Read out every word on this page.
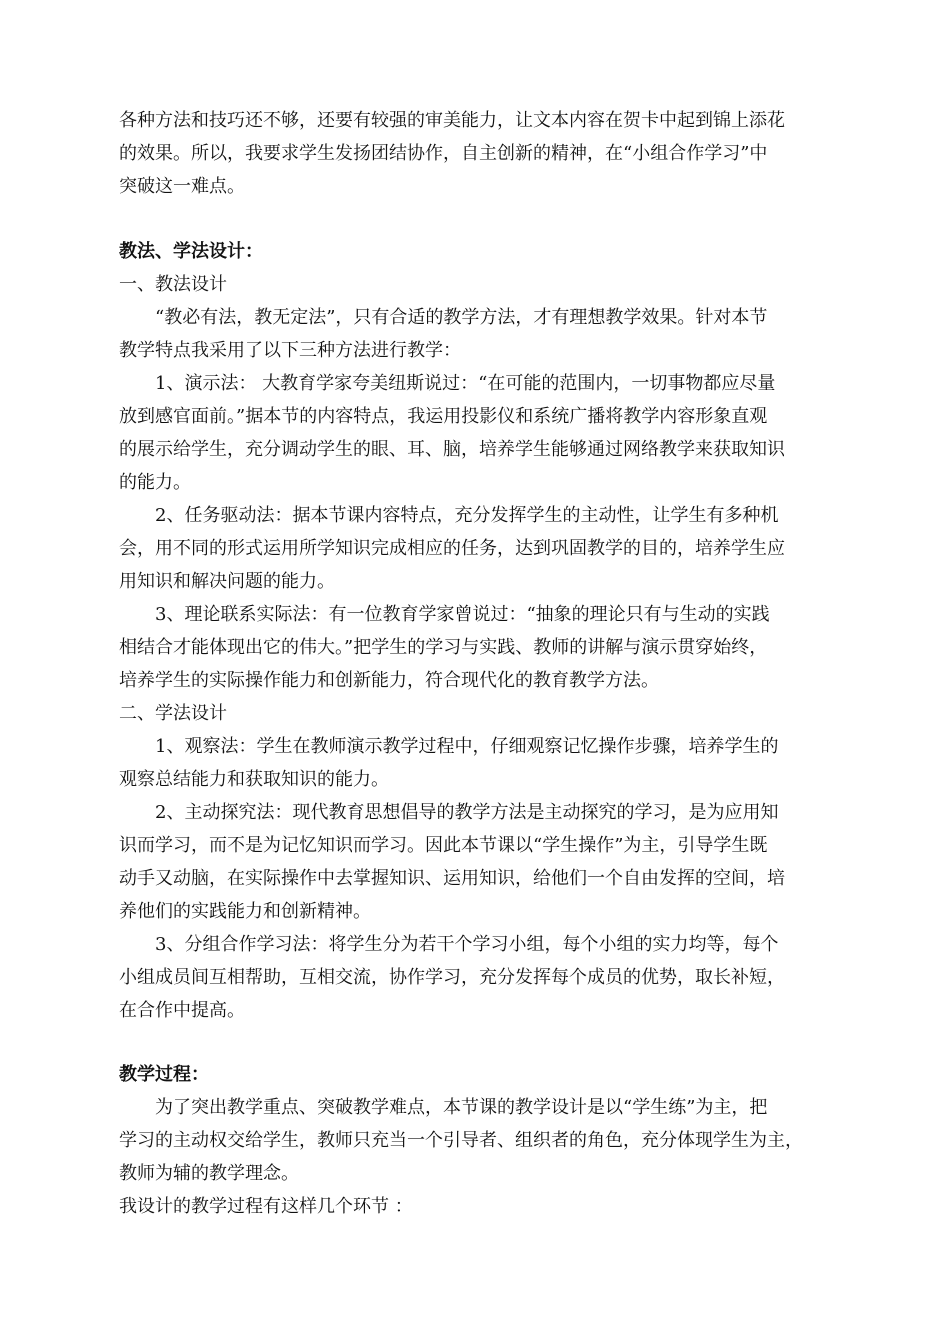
各种方法和技巧还不够，还要有较强的审美能力，让文本内容在贺卡中起到锦上添花
的效果。所以，我要求学生发扬团结协作，自主创新的精神，在“小组合作学习”中
突破这一难点。
教法、学法设计：
一、教法设计
“教必有法，教无定法”，只有合适的教学方法，才有理想教学效果。针对本节
教学特点我采用了以下三种方法进行教学：
1、演示法： 大教育学家夸美纽斯说过：“在可能的范围内，一切事物都应尽量
放到感官面前。”据本节的内容特点，我运用投影仪和系统广播将教学内容形象直观
的展示给学生，充分调动学生的眼、耳、脑，培养学生能够通过网络教学来获取知识
的能力。
2、任务驱动法：据本节课内容特点，充分发挥学生的主动性，让学生有多种机
会，用不同的形式运用所学知识完成相应的任务，达到巩固教学的目的，培养学生应
用知识和解决问题的能力。
3、理论联系实际法：有一位教育学家曾说过：“抽象的理论只有与生动的实践
相结合才能体现出它的伟大。”把学生的学习与实践、教师的讲解与演示贯穿始终，
培养学生的实际操作能力和创新能力，符合现代化的教育教学方法。
二、学法设计
1、观察法：学生在教师演示教学过程中，仔细观察记忆操作步骤，培养学生的
观察总结能力和获取知识的能力。
2、主动探究法：现代教育思想倡导的教学方法是主动探究的学习，是为应用知
识而学习，而不是为记忆知识而学习。因此本节课以“学生操作”为主，引导学生既
动手又动脑，在实际操作中去掌握知识、运用知识，给他们一个自由发挥的空间，培
养他们的实践能力和创新精神。
3、分组合作学习法：将学生分为若干个学习小组，每个小组的实力均等，每个
小组成员间互相帮助，互相交流，协作学习，充分发挥每个成员的优势，取长补短，
在合作中提高。
教学过程：
为了突出教学重点、突破教学难点，本节课的教学设计是以“学生练”为主，把
学习的主动权交给学生，教师只充当一个引导者、组织者的角色，充分体现学生为主，
教师为辅的教学理念。
我设计的教学过程有这样几个环节 ：
